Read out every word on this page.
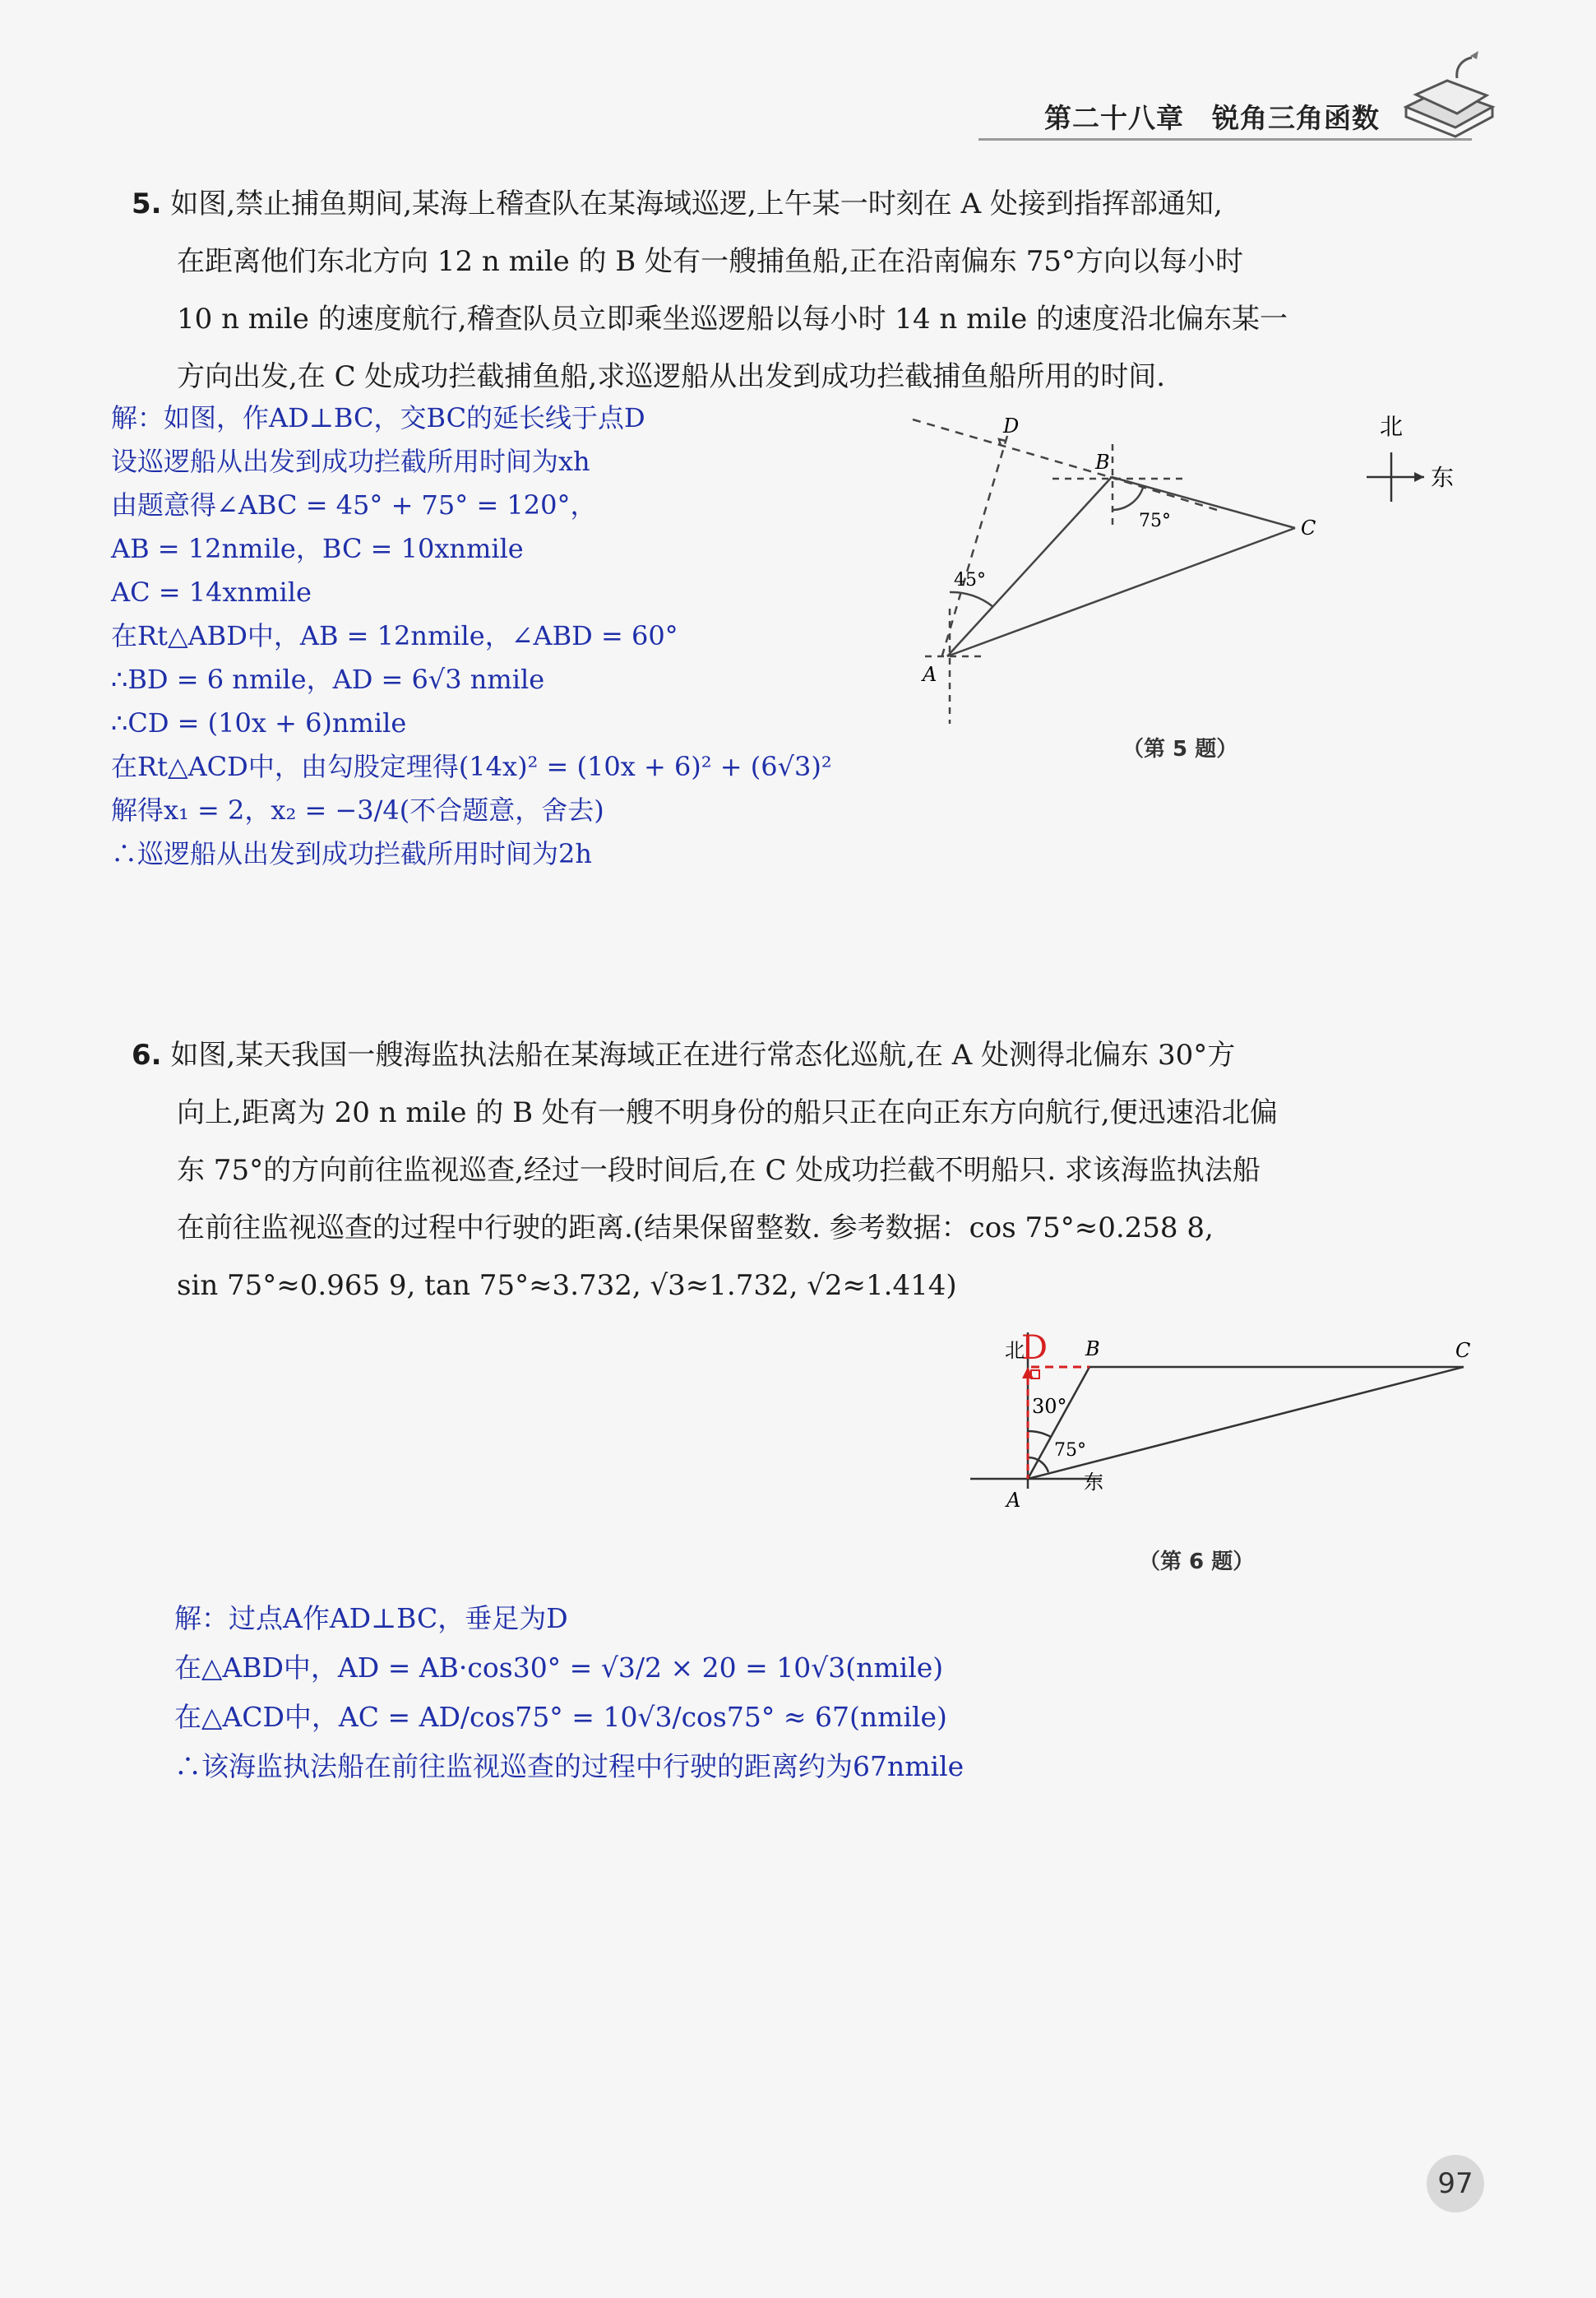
第二十八章　锐角三角函数
5. 如图,禁止捕鱼期间,某海上稽查队在某海域巡逻,上午某一时刻在 A 处接到指挥部通知,
在距离他们东北方向 12 n mile 的 B 处有一艘捕鱼船,正在沿南偏东 75°方向以每小时
10 n mile 的速度航行,稽查队员立即乘坐巡逻船以每小时 14 n mile 的速度沿北偏东某一
方向出发,在 C 处成功拦截捕鱼船,求巡逻船从出发到成功拦截捕鱼船所用的时间.
解：如图，作AD⊥BC，交BC的延长线于点D
设巡逻船从出发到成功拦截所用时间为xh
由题意得∠ABC = 45° + 75° = 120°，
AB = 12nmile，BC = 10xnmile
AC = 14xnmile
在Rt△ABD中，AB = 12nmile，∠ABD = 60°
∴BD = 6 nmile，AD = 6√3 nmile
∴CD = (10x + 6)nmile
在Rt△ACD中，由勾股定理得(14x)² = (10x + 6)² + (6√3)²
解得x₁ = 2，x₂ = −3/4(不合题意，舍去)
∴巡逻船从出发到成功拦截所用时间为2h
D
B
C
A
45°
75°
北
东
（第 5 题）
6. 如图,某天我国一艘海监执法船在某海域正在进行常态化巡航,在 A 处测得北偏东 30°方
向上,距离为 20 n mile 的 B 处有一艘不明身份的船只正在向正东方向航行,便迅速沿北偏
东 75°的方向前往监视巡查,经过一段时间后,在 C 处成功拦截不明船只. 求该海监执法船
在前往监视巡查的过程中行驶的距离.(结果保留整数. 参考数据：cos 75°≈0.258 8,
sin 75°≈0.965 9, tan 75°≈3.732, √3≈1.732, √2≈1.414)
D
北	B	C
A
30°
75°
东
（第 6 题）
解：过点A作AD⊥BC，垂足为D
在△ABD中，AD = AB·cos30° = √3/2 × 20 = 10√3(nmile)
在△ACD中，AC = AD/cos75° = 10√3/cos75° ≈ 67(nmile)
∴该海监执法船在前往监视巡查的过程中行驶的距离约为67nmile
97
